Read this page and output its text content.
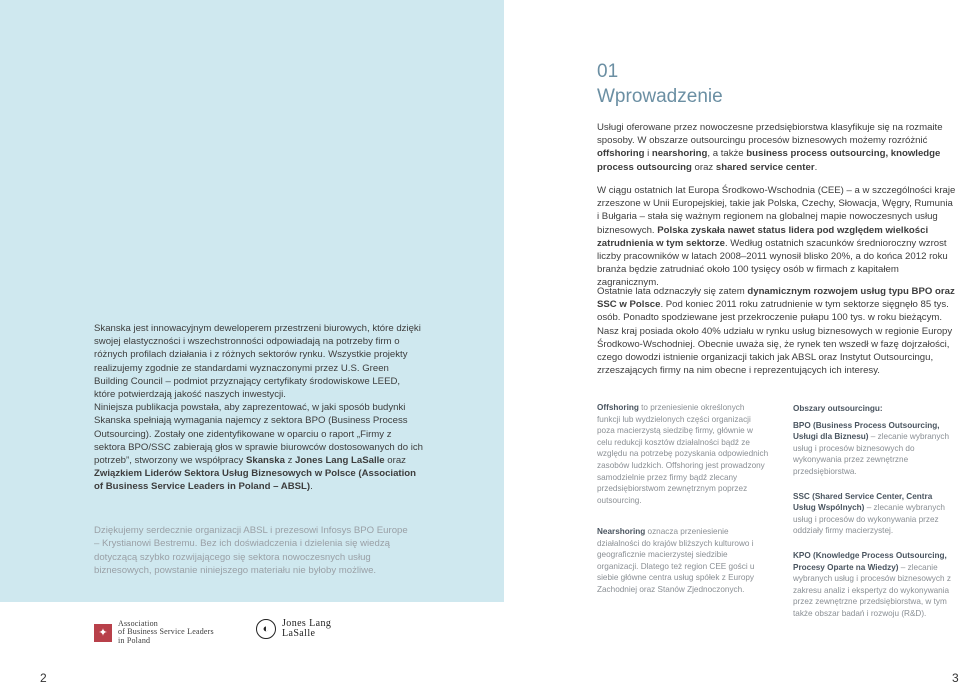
Skanska jest innowacyjnym deweloperem przestrzeni biurowych, które dzięki swojej elastyczności i wszechstronności odpowiadają na potrzeby firm o różnych profilach działania i z różnych sektorów rynku. Wszystkie projekty realizujemy zgodnie ze standardami wyznaczonymi przez U.S. Green Building Council – podmiot przyznający certyfikaty środowiskowe LEED, które potwierdzają jakość naszych inwestycji.

Niniejsza publikacja powstała, aby zaprezentować, w jaki sposób budynki Skanska spełniają wymagania najemcy z sektora BPO (Business Process Outsourcing). Zostały one zidentyfikowane w oparciu o raport „Firmy z sektora BPO/SSC zabierają głos w sprawie biurowców dostosowanych do ich potrzeb”, stworzony we współpracy Skanska z Jones Lang LaSalle oraz Związkiem Liderów Sektora Usług Biznesowych w Polsce (Association of Business Service Leaders in Poland – ABSL).

Dziękujemy serdecznie organizacji ABSL i prezesowi Infosys BPO Europe – Krystianowi Bestremu. Bez ich doświadczenia i dzielenia się wiedzą dotyczącą szybko rozwijającego się sektora nowoczesnych usług biznesowych, powstanie niniejszego materiału nie byłoby możliwe.

✦
Association
of Business Service Leaders
in Poland
◐	Jones Lang
LaSalle
2
01
Wprowadzenie
Usługi oferowane przez nowoczesne przedsiębiorstwa klasyfikuje się na rozmaite sposoby. W obszarze outsourcingu procesów biznesowych możemy rozróżnić offshoring i nearshoring, a także business process outsourcing, knowledge process outsourcing oraz shared service center.
W ciągu ostatnich lat Europa Środkowo-Wschodnia (CEE) – a w szczególności kraje zrzeszone w Unii Europejskiej, takie jak Polska, Czechy, Słowacja, Węgry, Rumunia i Bułgaria – stała się ważnym regionem na globalnej mapie nowoczesnych usług biznesowych. Polska zyskała nawet status lidera pod względem wielkości zatrudnienia w tym sektorze. Według ostatnich szacunków średnioroczny wzrost liczby pracowników w latach 2008–2011 wynosił blisko 20%, a do końca 2012 roku branża będzie zatrudniać około 100 tysięcy osób w firmach z kapitałem zagranicznym.
Ostatnie lata odznaczyły się zatem dynamicznym rozwojem usług typu BPO oraz SSC w Polsce. Pod koniec 2011 roku zatrudnienie w tym sektorze sięgnęło 85 tys. osób. Ponadto spodziewane jest przekroczenie pułapu 100 tys. w roku bieżącym. Nasz kraj posiada około 40% udziału w rynku usług biznesowych w regionie Europy Środkowo-Wschodniej. Obecnie uważa się, że rynek ten wszedł w fazę dojrzałości, czego dowodzi istnienie organizacji takich jak ABSL oraz Instytut Outsourcingu, zrzeszających firmy na nim obecne i reprezentujących ich interesy.
Offshoring to przeniesienie określonych funkcji lub wydzielonych części organizacji poza macierzystą siedzibę firmy, głównie w celu redukcji kosztów działalności bądź ze względu na potrzebę pozyskania odpowiednich zasobów ludzkich. Offshoring jest prowadzony samodzielnie przez firmy bądź zlecany przedsiębiorstwom zewnętrznym poprzez outsourcing.
Nearshoring oznacza przeniesienie działalności do krajów bliższych kulturowo i geograficznie macierzystej siedzibie organizacji. Dlatego też region CEE gości u siebie główne centra usług spółek z Europy Zachodniej oraz Stanów Zjednoczonych.
Obszary outsourcingu:
BPO (Business Process Outsourcing, Usługi dla Biznesu) – zlecanie wybranych usług i procesów biznesowych do wykonywania przez zewnętrzne przedsiębiorstwa.
SSC (Shared Service Center, Centra Usług Wspólnych) – zlecanie wybranych usług i procesów do wykonywania przez oddziały firmy macierzystej.
KPO (Knowledge Process Outsourcing, Procesy Oparte na Wiedzy) – zlecanie wybranych usług i procesów biznesowych z zakresu analiz i ekspertyz do wykonywania przez zewnętrzne przedsiębiorstwa, w tym także obszar badań i rozwoju (R&D).
3
